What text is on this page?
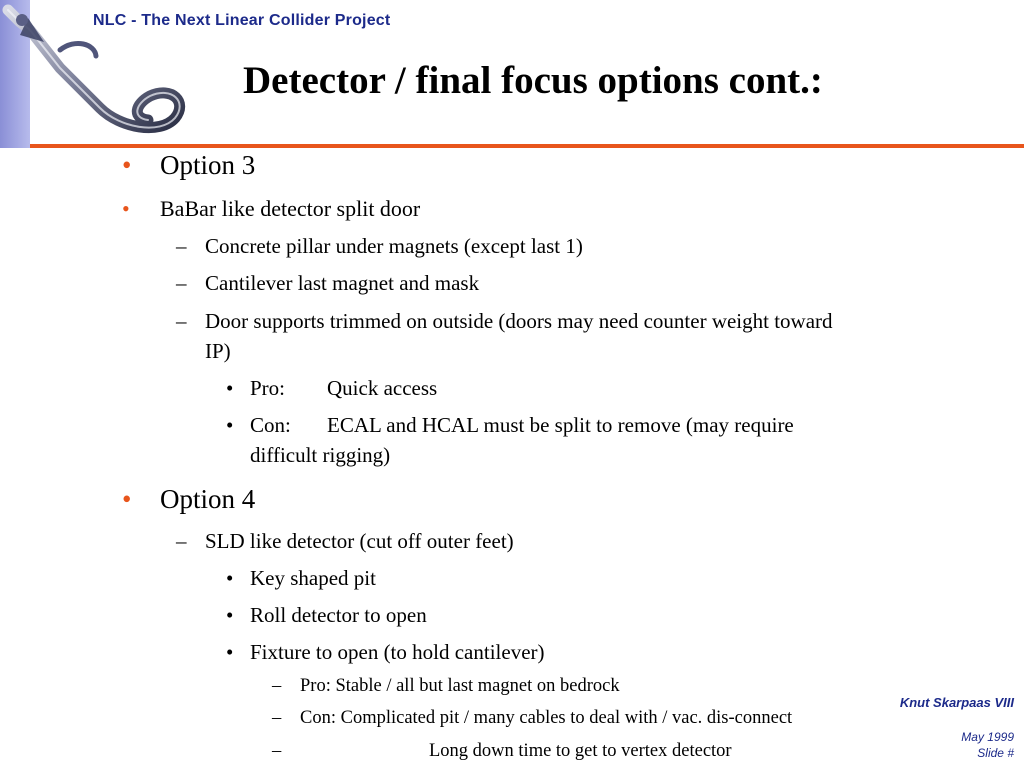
NLC - The Next Linear Collider Project
Detector / final focus options cont.:
• Option 3
• BaBar like detector split door
– Concrete pillar under magnets (except last 1)
– Cantilever last magnet and mask
– Door supports trimmed on outside (doors may need counter weight toward
IP)
• Pro: Quick access
• Con: ECAL and HCAL must be split to remove (may require
difficult rigging)
• Option 4
– SLD like detector (cut off outer feet)
• Key shaped pit
• Roll detector to open
• Fixture to open (to hold cantilever)
– Pro: Stable / all but last magnet on bedrock
– Con: Complicated pit / many cables to deal with / vac. dis-connect
–	Long down time to get to vertex detector
Knut Skarpaas VIII
May 1999
Slide #
